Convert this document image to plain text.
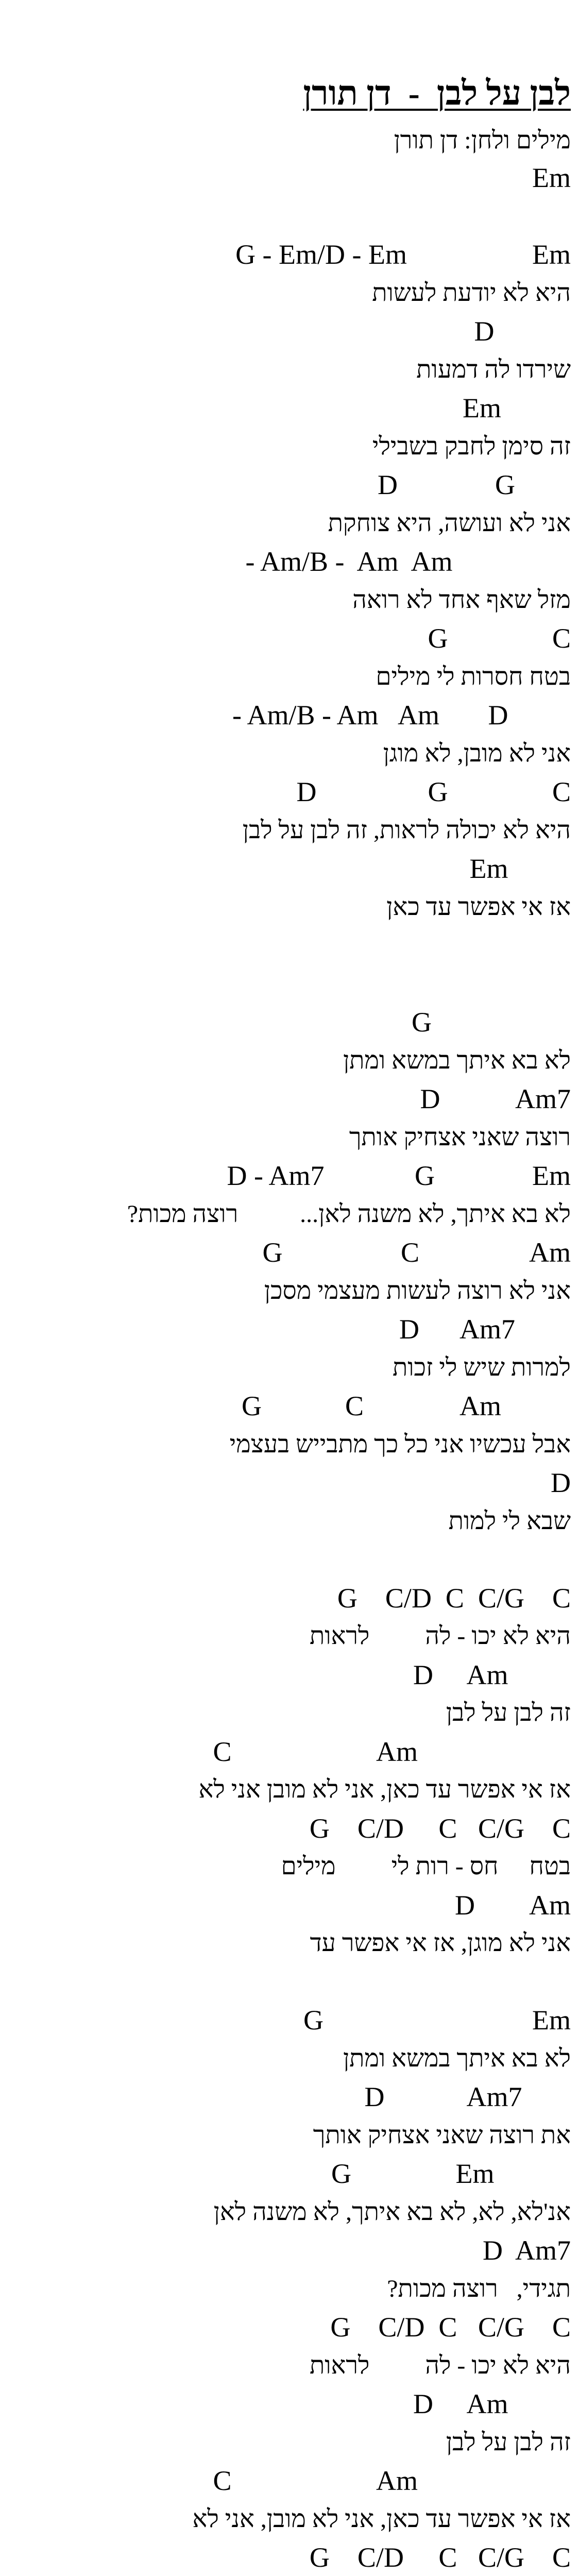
לבן על לבן  -  דן תורן
מילים ולחן: דן תורן
Em
G - Em/D - Em                  Em
היא לא יודעת לעשות
D
שירדו לה דמעות
Em
זה סימן לחבק בשבילי
D              G
אני לא ועושה, היא צוחקת
- Am/B -  Am  Am
מזל שאף אחד לא רואה
G               C
בטח חסרות לי מילים
- Am/B - Am   Am       D
אני לא מובן, לא מוגן
D                G               C
היא לא יכולה לראות, זה לבן על לבן
Em
אז אי אפשר עד כאן
G
לא בא איתך במשא ומתן
D           Am7
רוצה שאני אצחיק אותך
D - Am7             G              Em
לא בא איתך, לא משנה לאן...          רוצה מכות?
G                 C                Am
אני לא רוצה לעשות מעצמי מסכן
D      Am7
למרות שיש לי זכות
G            C              Am
אבל עכשיו אני כל כך מתבייש בעצמי
D
שבא לי למות
G    C/D  C  C/G    C
היא לא יכו - לה         לראות
D     Am
זה לבן על לבן
C                     Am
אז אי אפשר עד כאן, אני לא מובן אני לא
G    C/D     C   C/G    C
בטח     חס - רות לי         מילים
D        Am
אני לא מוגן, אז אי אפשר עד
G                              Em
לא בא איתך במשא ומתן
D            Am7
את רוצה שאני אצחיק אותך
G               Em
אנ'לא, לא, לא בא איתך, לא משנה לאן
D  Am7
תגידי,   רוצה מכות?
G    C/D  C   C/G    C
היא לא יכו - לה         לראות
D     Am
זה לבן על לבן
C                     Am
אז אי אפשר עד כאן, אני לא מובן, אני לא
G    C/D     C   C/G    C
